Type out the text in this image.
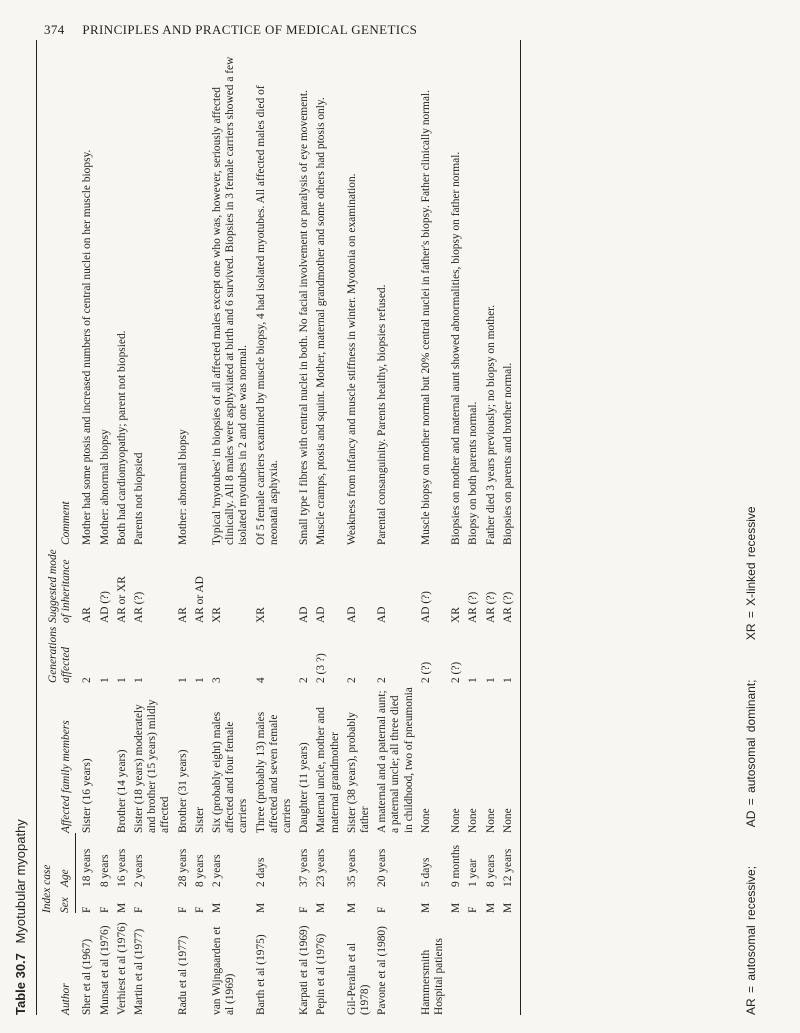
374 PRINCIPLES AND PRACTICE OF MEDICAL GENETICS
Table 30.7 Myotubular myopathy
Author	Index case		Affected family members	Generations affected	Suggested mode of inheritance	Comment
	Sex	Age				
Sher et al (1967)	F	18 years	Sister (16 years)	2	AR	Mother had some ptosis and increased numbers of central nuclei on her muscle biopsy.
Munsat et al (1976)	F	8 years		1	AD (?)	Mother: abnormal biopsy
Verhiest et al (1976)	M	16 years	Brother (14 years)	1	AR or XR	Both had cardiomyopathy; parent not biopsied.
Martin et al (1977)	F	2 years	Sister (18 years) moderately and brother (15 years) mildly affected	1	AR (?)	Parents not biopsied
Radu et al (1977)	F	28 years	Brother (31 years)	1	AR	Mother: abnormal biopsy
	F	8 years	Sister	1	AR or AD	
van Wijngaarden et al (1969)	M	2 years	Six (probably eight) males affected and four female carriers	3	XR	Typical 'myotubes' in biopsies of all affected males except one who was, however, seriously affected clinically. All 8 males were asphyxiated at birth and 6 survived. Biopsies in 3 female carriers showed a few isolated myotubes in 2 and one was normal.
Barth et al (1975)	M	2 days	Three (probably 13) males affected and seven female carriers	4	XR	Of 5 female carriers examined by muscle biopsy, 4 had isolated myotubes. All affected males died of neonatal asphyxia.
Karpati et al (1969)	F	37 years	Daughter (11 years)	2	AD	Small type I fibres with central nuclei in both. No facial involvement or paralysis of eye movement.
Pepin et al (1976)	M	23 years	Maternal uncle, mother and maternal grandmother	2 (3 ?)	AD	Muscle cramps, ptosis and squint. Mother, maternal grandmother and some others had ptosis only.
Gil-Peralta et al (1978)	M	35 years	Sister (38 years), probably father	2	AD	Weakness from infancy and muscle stiffness in winter. Myotonia on examination.
Pavone et al (1980)	F	20 years	A maternal and a paternal aunt; a paternal uncle; all three died in childhood, two of pneumonia	2	AD	Parental consanguinity. Parents healthy, biopsies refused.
Hammersmith Hospital patients	M	5 days	None	2 (?)	AD (?)	Muscle biopsy on mother normal but 20% central nuclei in father's biopsy. Father clinically normal.
	M	9 months	None	2 (?)	XR	Biopsies on mother and maternal aunt showed abnormalities, biopsy on father normal.
	F	1 year	None	1	AR (?)	Biopsy on both parents normal.
	M	8 years	None	1	AR (?)	Father died 3 years previously; no biopsy on mother.
	M	12 years	None	1	AR (?)	Biopsies on parents and brother normal.
AR = autosomal recessive; AD = autosomal dominant; XR = X-linked recessive
